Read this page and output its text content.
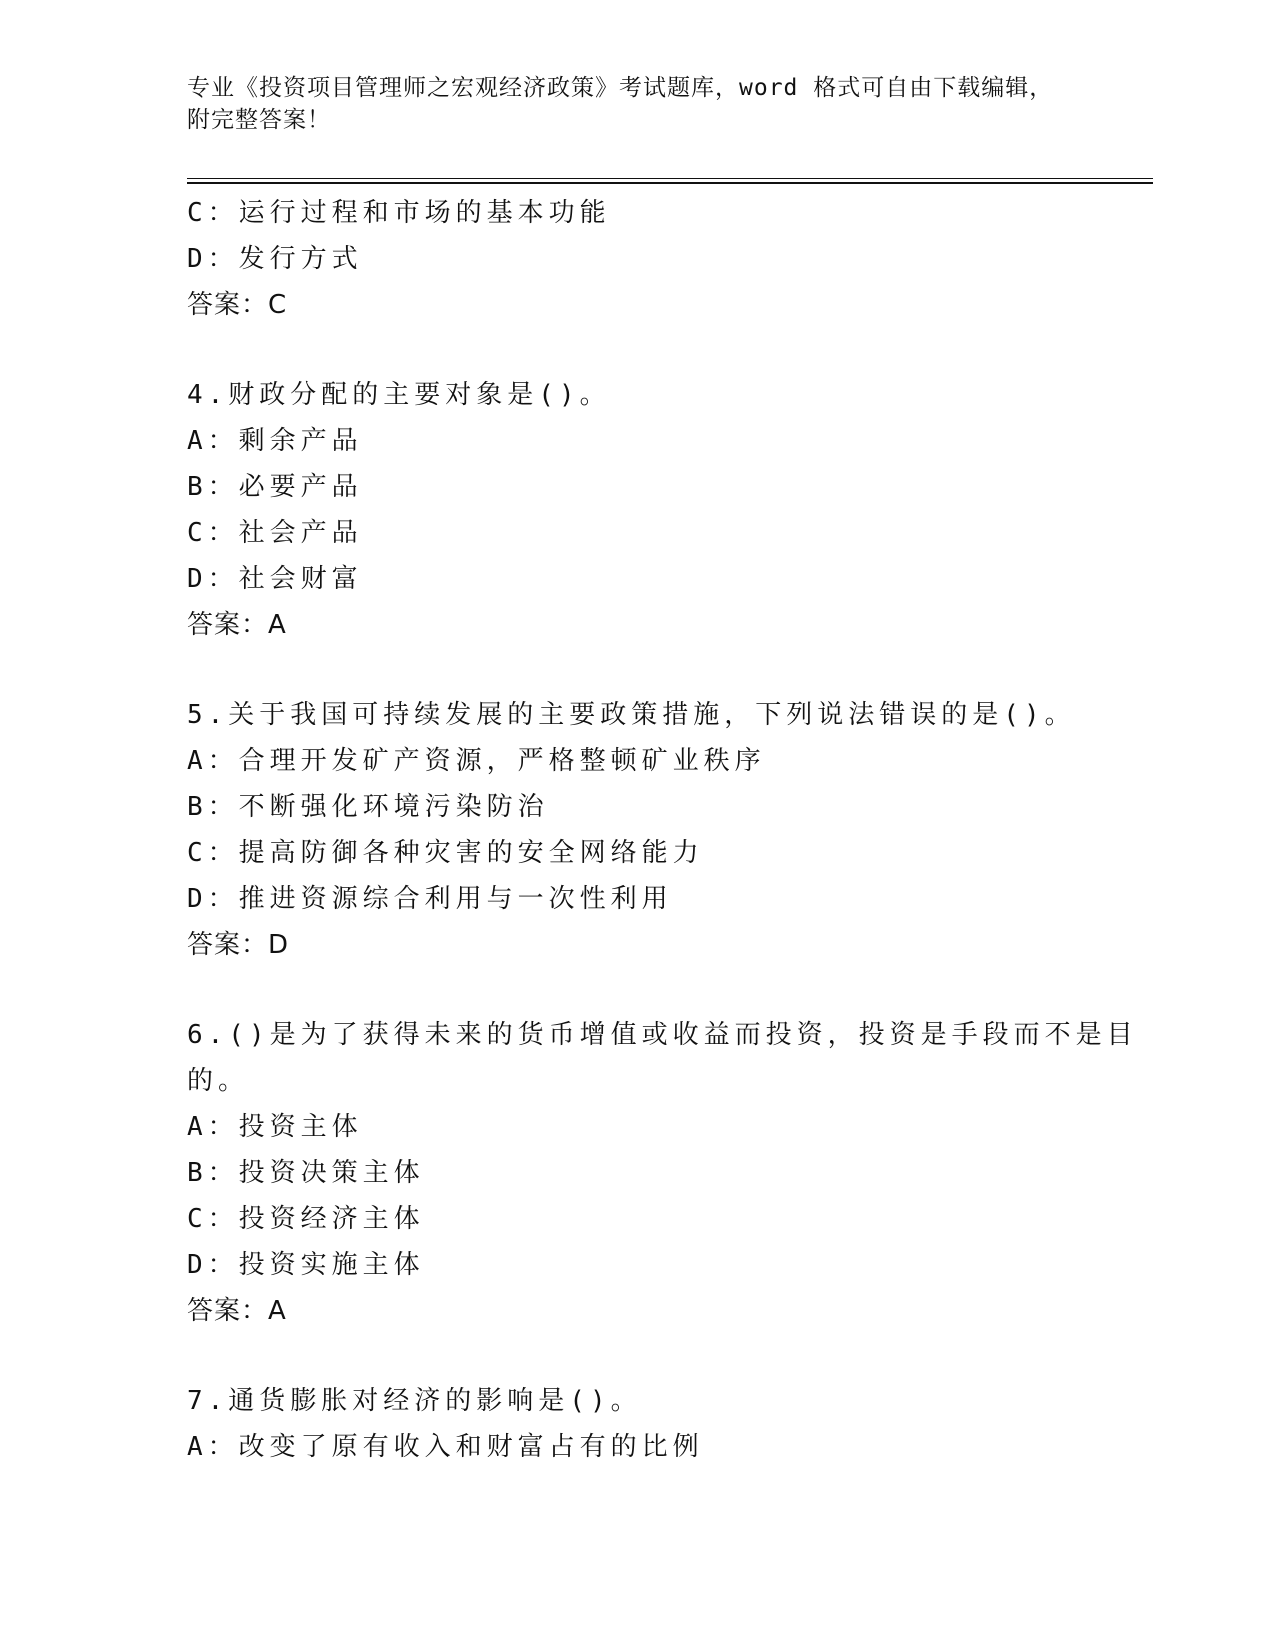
专业《投资项目管理师之宏观经济政策》考试题库，word 格式可自由下载编辑，
附完整答案！
C：运行过程和市场的基本功能
D：发行方式
答案：C
4.财政分配的主要对象是()。
A：剩余产品
B：必要产品
C：社会产品
D：社会财富
答案：A
5.关于我国可持续发展的主要政策措施，下列说法错误的是()。
A：合理开发矿产资源，严格整顿矿业秩序
B：不断强化环境污染防治
C：提高防御各种灾害的安全网络能力
D：推进资源综合利用与一次性利用
答案：D
6.()是为了获得未来的货币增值或收益而投资，投资是手段而不是目
的。
A：投资主体
B：投资决策主体
C：投资经济主体
D：投资实施主体
答案：A
7.通货膨胀对经济的影响是()。
A：改变了原有收入和财富占有的比例
